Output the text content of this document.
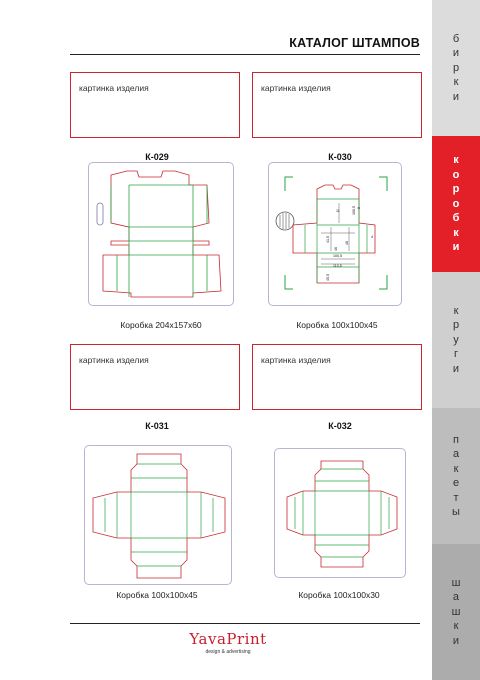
КАТАЛОГ ШТАМПОВ
картинка изделия	картинка изделия
К-029	К-030
100,5 6
11
41,5	46
100,5
110,5
46
4
45,5
Коробка 204x157x60	Коробка 100x100x45
картинка изделия	картинка изделия
К-031	К-032
Коробка 100x100x45	Коробка 100x100x30
YavaPrint
design & advertising
б
и
р
к
и
к
о
р
о
б
к
и
к
р
у
г
и
п
а
к
е
т
ы
ш
а
ш
к
и
